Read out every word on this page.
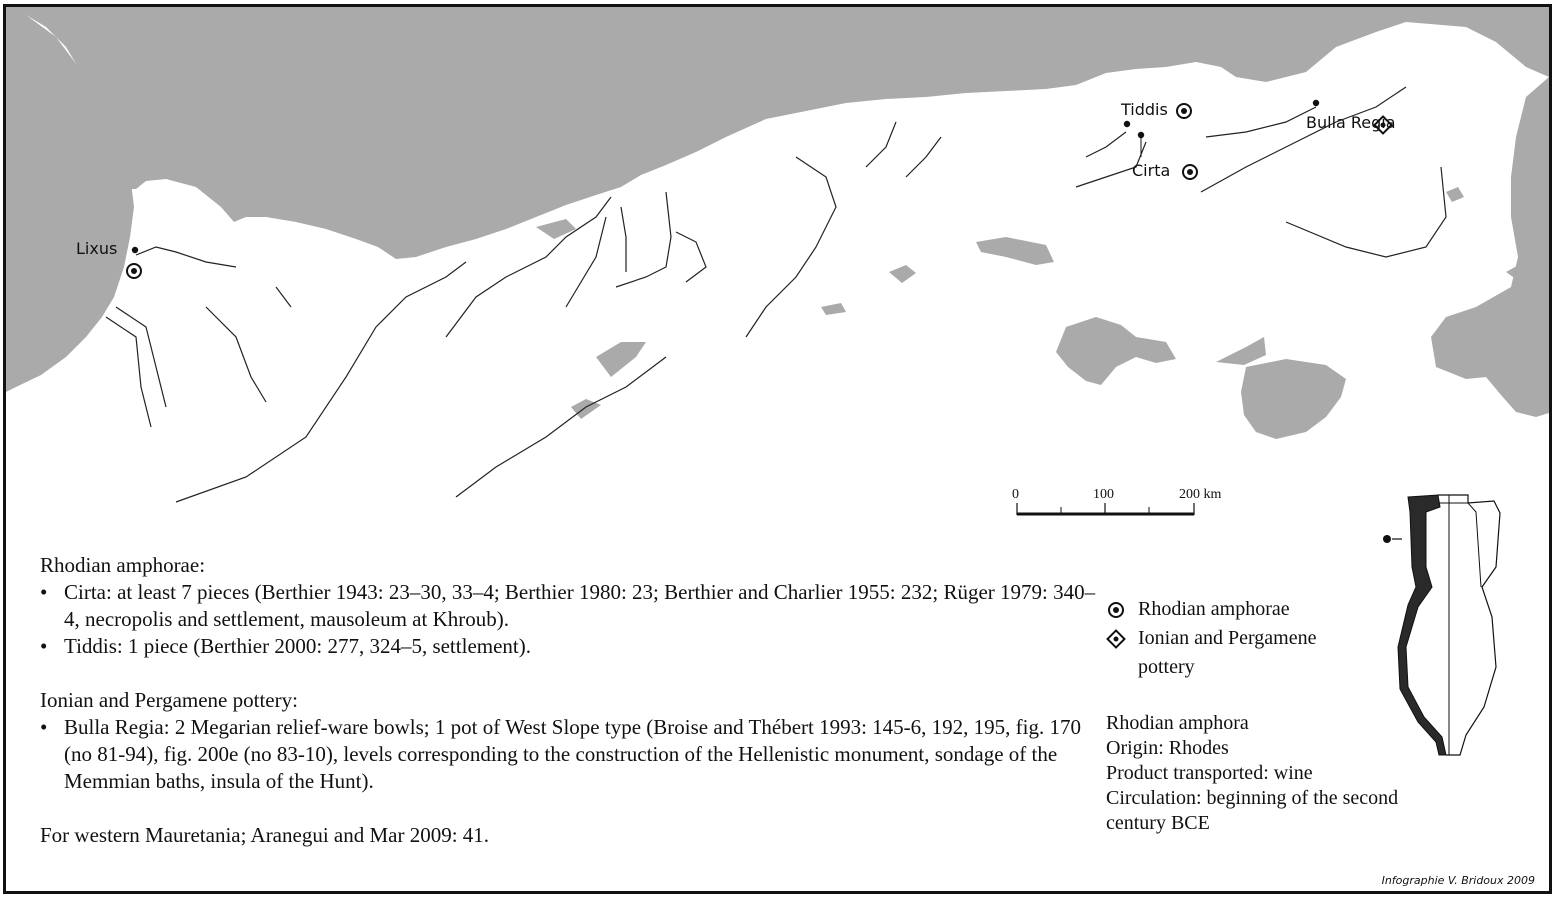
Lixus
Tiddis
Cirta
Bulla Regia
0	100	200 km

Rhodian amphorae:

• Cirta: at least 7 pieces (Berthier 1943: 23–30, 33–4; Berthier 1980: 23; Berthier and Charlier 1955: 232; Rüger 1979: 340–4, necropolis and settlement, mausoleum at Khroub).
• Tiddis: 1 piece (Berthier 2000: 277, 324–5, settlement).

Ionian and Pergamene pottery:

• Bulla Regia: 2 Megarian relief-ware bowls; 1 pot of West Slope type (Broise and Thébert 1993: 145-6, 192, 195, fig. 170 (no 81-94), fig. 200e (no 83-10), levels corresponding to the construction of the Hellenistic monument, sondage of the Memmian baths, insula of the Hunt).

For western Mauretania; Aranegui and Mar 2009: 41.

Rhodian amphorae
Ionian and Pergamene pottery
Rhodian amphora
Origin: Rhodes
Product transported: wine
Circulation: beginning of the second century BCE
Infographie V. Bridoux 2009
